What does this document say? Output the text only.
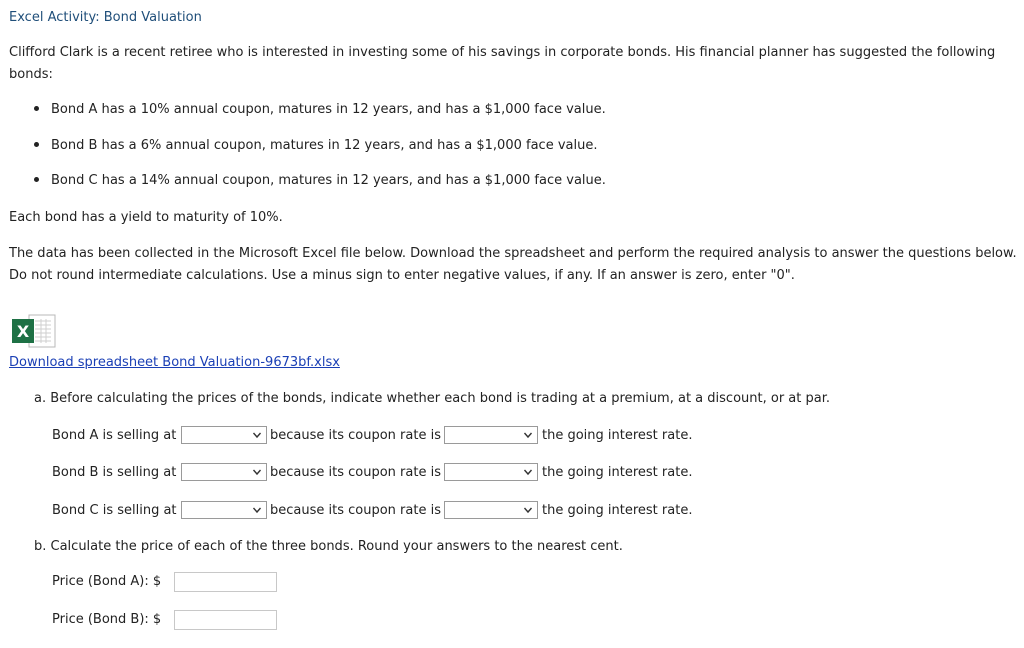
Excel Activity: Bond Valuation

Clifford Clark is a recent retiree who is interested in investing some of his savings in corporate bonds. His financial planner has suggested the following bonds:

Bond A has a 10% annual coupon, matures in 12 years, and has a $1,000 face value.
Bond B has a 6% annual coupon, matures in 12 years, and has a $1,000 face value.
Bond C has a 14% annual coupon, matures in 12 years, and has a $1,000 face value.

Each bond has a yield to maturity of 10%.

The data has been collected in the Microsoft Excel file below. Download the spreadsheet and perform the required analysis to answer the questions below. Do not round intermediate calculations. Use a minus sign to enter negative values, if any. If an answer is zero, enter "0".

X
Download spreadsheet Bond Valuation-9673bf.xlsx
a. Before calculating the prices of the bonds, indicate whether each bond is trading at a premium, at a discount, or at par.
Bond A is selling at	because its coupon rate is	the going interest rate.
Bond B is selling at	because its coupon rate is	the going interest rate.
Bond C is selling at	because its coupon rate is	the going interest rate.
b. Calculate the price of each of the three bonds. Round your answers to the nearest cent.
Price (Bond A): $
Price (Bond B): $
